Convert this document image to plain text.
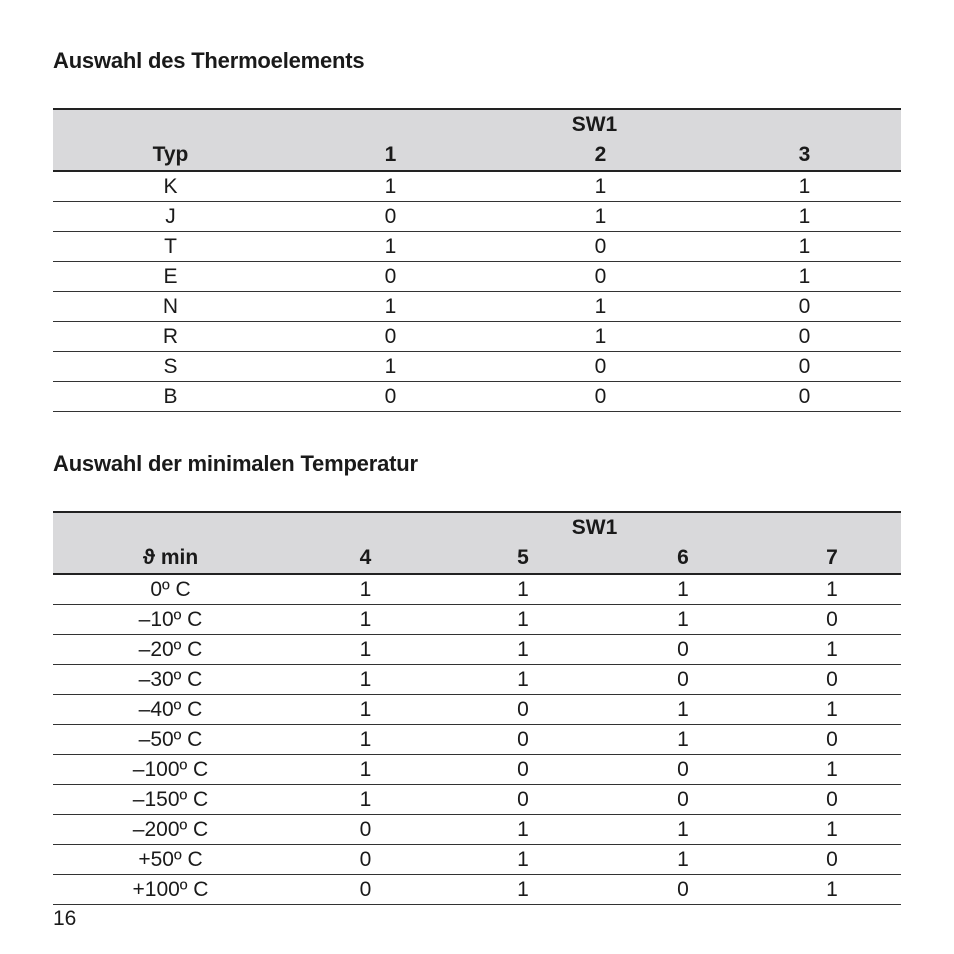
Auswahl des Thermoelements
	SW1		
Typ	1	2	3
K	1	1	1
J	0	1	1
T	1	0	1
E	0	0	1
N	1	1	0
R	0	1	0
S	1	0	0
B	0	0	0
Auswahl der minimalen Temperatur
	SW1			
ϑ min	4	5	6	7
0º C	1	1	1	1
–10º C	1	1	1	0
–20º C	1	1	0	1
–30º C	1	1	0	0
–40º C	1	0	1	1
–50º C	1	0	1	0
–100º C	1	0	0	1
–150º C	1	0	0	0
–200º C	0	1	1	1
+50º C	0	1	1	0
+100º C	0	1	0	1

16
